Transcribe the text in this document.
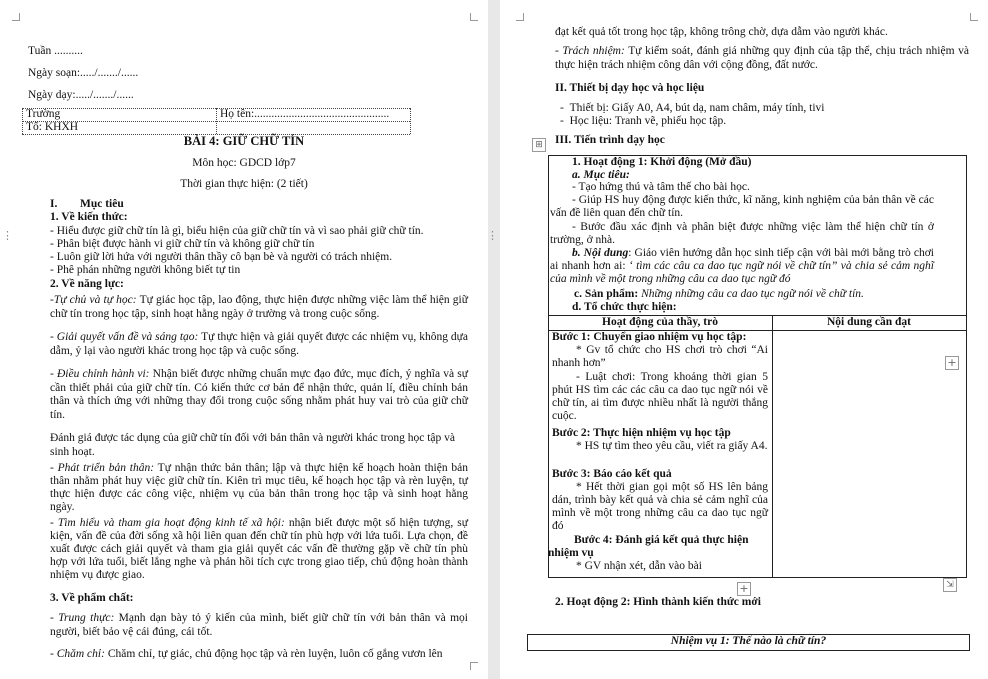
Tuần ..........
Ngày soạn:...../......./......
Ngày dạy:...../......./......
Trường	Họ tên:...............................................
Tổ: KHXH
BÀI 4: GIỮ CHỮ TÍN
Môn học: GDCD lớp7
Thời gian thực hiện: (2 tiết)
I. Mục tiêu
1. Về kiến thức:
- Hiểu được giữ chữ tín là gì, biểu hiện của giữ chữ tín và vì sao phải giữ chữ tín.
- Phân biệt được hành vi giữ chữ tín và không giữ chữ tín
- Luôn giữ lời hứa với người thân thầy cô bạn bè và người có trách nhiệm.
- Phê phán những người không biết tự tin
2. Về năng lực:
-Tự chủ và tự học: Tự giác học tập, lao động, thực hiện được những việc làm thể hiện giữ chữ tín trong học tập, sinh hoạt hằng ngày ở trường và trong cuộc sống.
- Giải quyết vấn đề và sáng tạo: Tự thực hiện và giải quyết được các nhiệm vụ, không dựa dẫm, ỷ lại vào người khác trong học tập và cuộc sống.
- Điều chỉnh hành vi: Nhận biết được những chuẩn mực đạo đức, mục đích, ý nghĩa và sự cần thiết phải của giữ chữ tín. Có kiến thức cơ bản để nhận thức, quản lí, điều chỉnh bản thân và thích ứng với những thay đổi trong cuộc sống nhằm phát huy vai trò của giữ chữ tín.
Đánh giá được tác dụng của giữ chữ tín đối với bản thân và người khác trong học tập và sinh hoạt.
- Phát triển bản thân: Tự nhận thức bản thân; lập và thực hiện kế hoạch hoàn thiện bản thân nhằm phát huy việc giữ chữ tín. Kiên trì mục tiêu, kế hoạch học tập và rèn luyện, tự thực hiện được các công việc, nhiệm vụ của bản thân trong học tập và sinh hoạt hằng ngày.
- Tìm hiểu và tham gia hoạt động kinh tế xã hội: nhận biết được một số hiện tượng, sự kiện, vấn đề của đời sống xã hội liên quan đến chữ tín phù hợp với lứa tuổi. Lựa chọn, đề xuất được cách giải quyết và tham gia giải quyết các vấn đề thường gặp về chữ tín phù hợp với lứa tuổi, biết lắng nghe và phản hồi tích cực trong giao tiếp, chủ động hoàn thành nhiệm vụ được giao.
3. Về phẩm chất:
- Trung thực: Mạnh dạn bày tỏ ý kiến của mình, biết giữ chữ tín với bản thân và mọi người, biết bảo vệ cái đúng, cái tốt.
- Chăm chỉ: Chăm chỉ, tự giác, chủ động học tập và rèn luyện, luôn cố gắng vươn lên
⋮	⋮
đạt kết quả tốt trong học tập, không trông chờ, dựa dẫm vào người khác.
- Trách nhiệm: Tự kiểm soát, đánh giá những quy định của tập thể, chịu trách nhiệm và thực hiện trách nhiệm công dân với cộng đồng, đất nước.
II. Thiết bị dạy học và học liệu
-  Thiết bị: Giấy A0, A4, bút dạ, nam châm, máy tính, tivi
-  Học liệu: Tranh vẽ, phiếu học tập.
⊞ III. Tiến trình dạy học
1. Hoạt động 1: Khởi động (Mở đầu)
a. Mục tiêu:
- Tạo hứng thú và tâm thế cho bài học.
- Giúp HS huy động được kiến thức, kĩ năng, kinh nghiệm của bản thân về các vấn đề liên quan đến chữ tín.
- Bước đầu xác định và phân biệt được những việc làm thể hiện chữ tín ở trường, ở nhà.
b. Nội dung: Giáo viên hướng dẫn học sinh tiếp cận với bài mới bằng trò chơi ai nhanh hơn ai: ‘ tìm các câu ca dao tục ngữ nói về chữ tín” và chia sẻ cảm nghĩ của mình về một trong những câu ca dao tục ngữ đó
c. Sản phẩm: Những những câu ca dao tục ngữ nói về chữ tín.
d. Tổ chức thực hiện:
Hoạt động của thầy, trò	Nội dung cần đạt
Bước 1: Chuyển giao nhiệm vụ học tập:
* Gv tổ chức cho HS chơi trò chơi “Ai nhanh hơn”
- Luật chơi: Trong khoảng thời gian 5 phút HS tìm các các câu ca dao tục ngữ nói về chữ tín, ai tìm được nhiều nhất là người thắng cuộc.
Bước 2: Thực hiện nhiệm vụ học tập
* HS tự tìm theo yêu cầu, viết ra giấy A4.
Bước 3: Báo cáo kết quả
* Hết thời gian gọi một số HS lên bảng dán, trình bày kết quả và chia sẻ cảm nghĩ của mình về một trong những câu ca dao tục ngữ đó
Bước 4: Đánh giá kết quả thực hiện nhiệm vụ
* GV nhận xét, dẫn vào bài
+
+	⇲
2. Hoạt động 2: Hình thành kiến thức mới
Nhiệm vụ 1: Thế nào là chữ tín?
